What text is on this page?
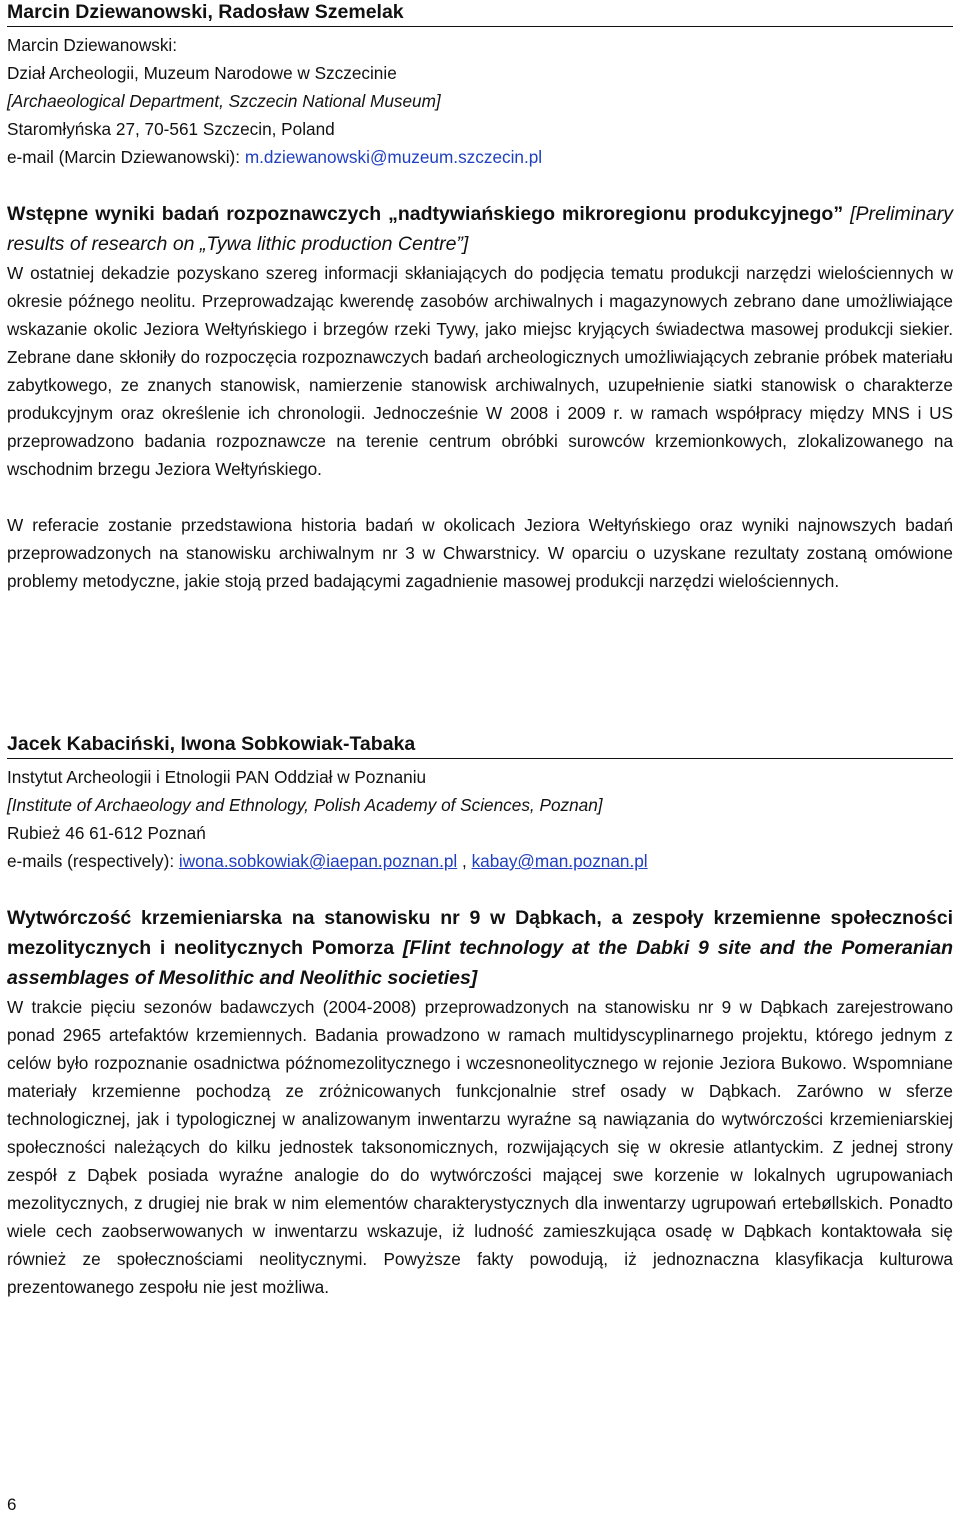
Marcin Dziewanowski, Radosław Szemelak

Marcin Dziewanowski:

Dział Archeologii, Muzeum Narodowe w Szczecinie

[Archaeological Department, Szczecin National Museum]

Staromłyńska 27, 70-561 Szczecin, Poland

e-mail (Marcin Dziewanowski): m.dziewanowski@muzeum.szczecin.pl

Wstępne wyniki badań rozpoznawczych „nadtywiańskiego mikroregionu produkcyjnego” [Preliminary results of research on „Tywa lithic production Centre”]

W ostatniej dekadzie pozyskano szereg informacji skłaniających do podjęcia tematu produkcji narzędzi wielościennych w okresie późnego neolitu. Przeprowadzając kwerendę zasobów archiwalnych i magazynowych zebrano dane umożliwiające wskazanie okolic Jeziora Wełtyńskiego i brzegów rzeki Tywy, jako miejsc kryjących świadectwa masowej produkcji siekier. Zebrane dane skłoniły do rozpoczęcia rozpoznawczych badań archeologicznych umożliwiających zebranie próbek materiału zabytkowego, ze znanych stanowisk, namierzenie stanowisk archiwalnych, uzupełnienie siatki stanowisk o charakterze produkcyjnym oraz określenie ich chronologii. Jednocześnie W 2008 i 2009 r. w ramach współpracy między MNS i US przeprowadzono badania rozpoznawcze na terenie centrum obróbki surowców krzemionkowych, zlokalizowanego na wschodnim brzegu Jeziora Wełtyńskiego.

W referacie zostanie przedstawiona historia badań w okolicach Jeziora Wełtyńskiego oraz wyniki najnowszych badań przeprowadzonych na stanowisku archiwalnym nr 3 w Chwarstnicy. W oparciu o uzyskane rezultaty zostaną omówione problemy metodyczne, jakie stoją przed badającymi zagadnienie masowej produkcji narzędzi wielościennych.

Jacek Kabaciński, Iwona Sobkowiak-Tabaka

Instytut Archeologii i Etnologii PAN Oddział w Poznaniu

[Institute of Archaeology and Ethnology, Polish Academy of Sciences, Poznan]

Rubież 46 61-612 Poznań

e-mails (respectively): iwona.sobkowiak@iaepan.poznan.pl , kabay@man.poznan.pl

Wytwórczość krzemieniarska na stanowisku nr 9 w Dąbkach, a zespoły krzemienne społeczności mezolitycznych i neolitycznych Pomorza [Flint technology at the Dabki 9 site and the Pomeranian assemblages of Mesolithic and Neolithic societies]

W trakcie pięciu sezonów badawczych (2004-2008) przeprowadzonych na stanowisku nr 9 w Dąbkach zarejestrowano ponad 2965 artefaktów krzemiennych. Badania prowadzono w ramach multidyscyplinarnego projektu, którego jednym z celów było rozpoznanie osadnictwa późnomezolitycznego i wczesnoneolitycznego w rejonie Jeziora Bukowo. Wspomniane materiały krzemienne pochodzą ze zróżnicowanych funkcjonalnie stref osady w Dąbkach. Zarówno w sferze technologicznej, jak i typologicznej w analizowanym inwentarzu wyraźne są nawiązania do wytwórczości krzemieniarskiej społeczności należących do kilku jednostek taksonomicznych, rozwijających się w okresie atlantyckim. Z jednej strony zespół z Dąbek posiada wyraźne analogie do do wytwórczości mającej swe korzenie w lokalnych ugrupowaniach mezolitycznych, z drugiej nie brak w nim elementów charakterystycznych dla inwentarzy ugrupowań ertebøllskich. Ponadto wiele cech zaobserwowanych w inwentarzu wskazuje, iż ludność zamieszkująca osadę w Dąbkach kontaktowała się również ze społecznościami neolitycznymi. Powyższe fakty powodują, iż jednoznaczna klasyfikacja kulturowa prezentowanego zespołu nie jest możliwa.

6
